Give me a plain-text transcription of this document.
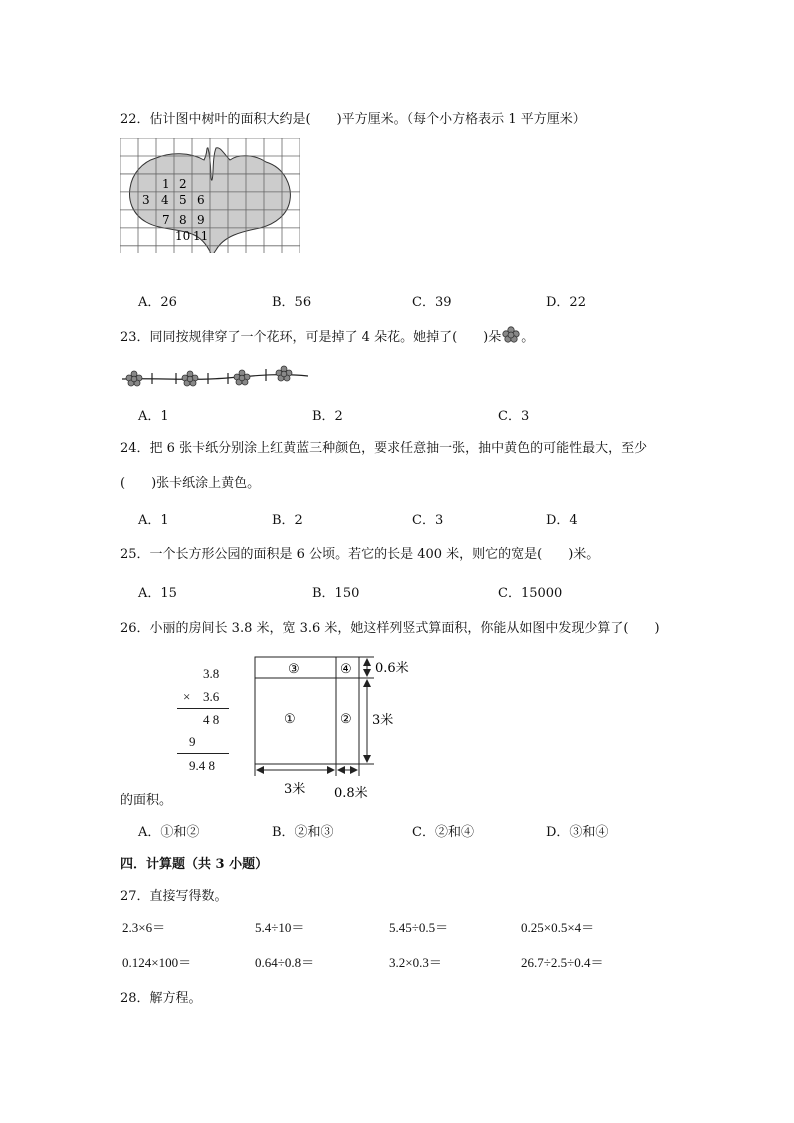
22．估计图中树叶的面积大约是(　　)平方厘米。（每个小方格表示 1 平方厘米）
1 2
3 4 5 6
7 8 9
10 11
A．26	B．56	C．39	D．22
23．同同按规律穿了一个花环，可是掉了 4 朵花。她掉了(　　)朵 。
A．1	B．2	C．3
24．把 6 张卡纸分别涂上红黄蓝三种颜色，要求任意抽一张，抽中黄色的可能性最大，至少
(　　)张卡纸涂上黄色。
A．1	B．2	C．3	D．4
25．一个长方形公园的面积是 6 公顷。若它的长是 400 米，则它的宽是(　　)米。
A．15	B．150	C．15000
26．小丽的房间长 3.8 米，宽 3.6 米，她这样列竖式算面积，你能从如图中发现少算了(　　)
3.8
× 3.6
4 8
9
9.4 8
③	④
①	②
0.6米
3米
3米 0.8米
的面积。
A．①和②	B．②和③	C．②和④	D．③和④
四．计算题（共 3 小题）
27．直接写得数。
2.3×6＝	5.4÷10＝	5.45÷0.5＝	0.25×0.5×4＝
0.124×100＝	0.64÷0.8＝	3.2×0.3＝	26.7÷2.5÷0.4＝
28．解方程。
